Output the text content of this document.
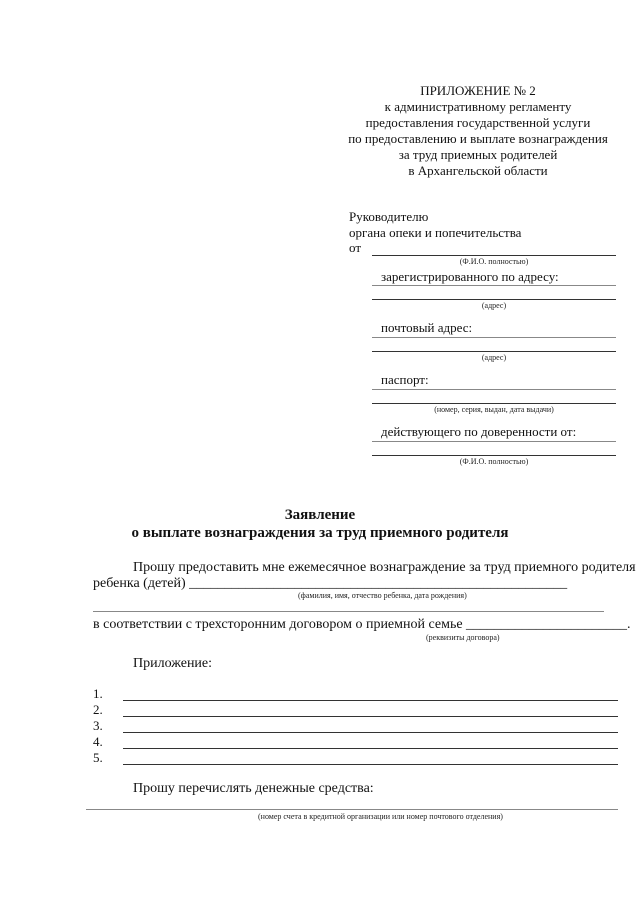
ПРИЛОЖЕНИЕ № 2
к административному регламенту
предоставления государственной услуги
по предоставлению и выплате вознаграждения
за труд приемных родителей
в Архангельской области
Руководителю
органа опеки и попечительства
от
(Ф.И.О. полностью)
зарегистрированного по адресу:
(адрес)
почтовый адрес:
(адрес)
паспорт:
(номер, серия, выдан, дата выдачи)
действующего по доверенности от:
(Ф.И.О. полностью)
Заявление
о выплате вознаграждения за труд приемного родителя
Прошу предоставить мне ежемесячное вознаграждение за труд приемного родителя
ребенка (детей) ______________________________________________________
(фамилия, имя, отчество ребенка, дата рождения)
в соответствии с трехсторонним договором о приемной семье _______________________.
(реквизиты договора)
Приложение:
1.
2.
3.
4.
5.
Прошу перечислять денежные средства:
(номер счета в кредитной организации или номер почтового отделения)
